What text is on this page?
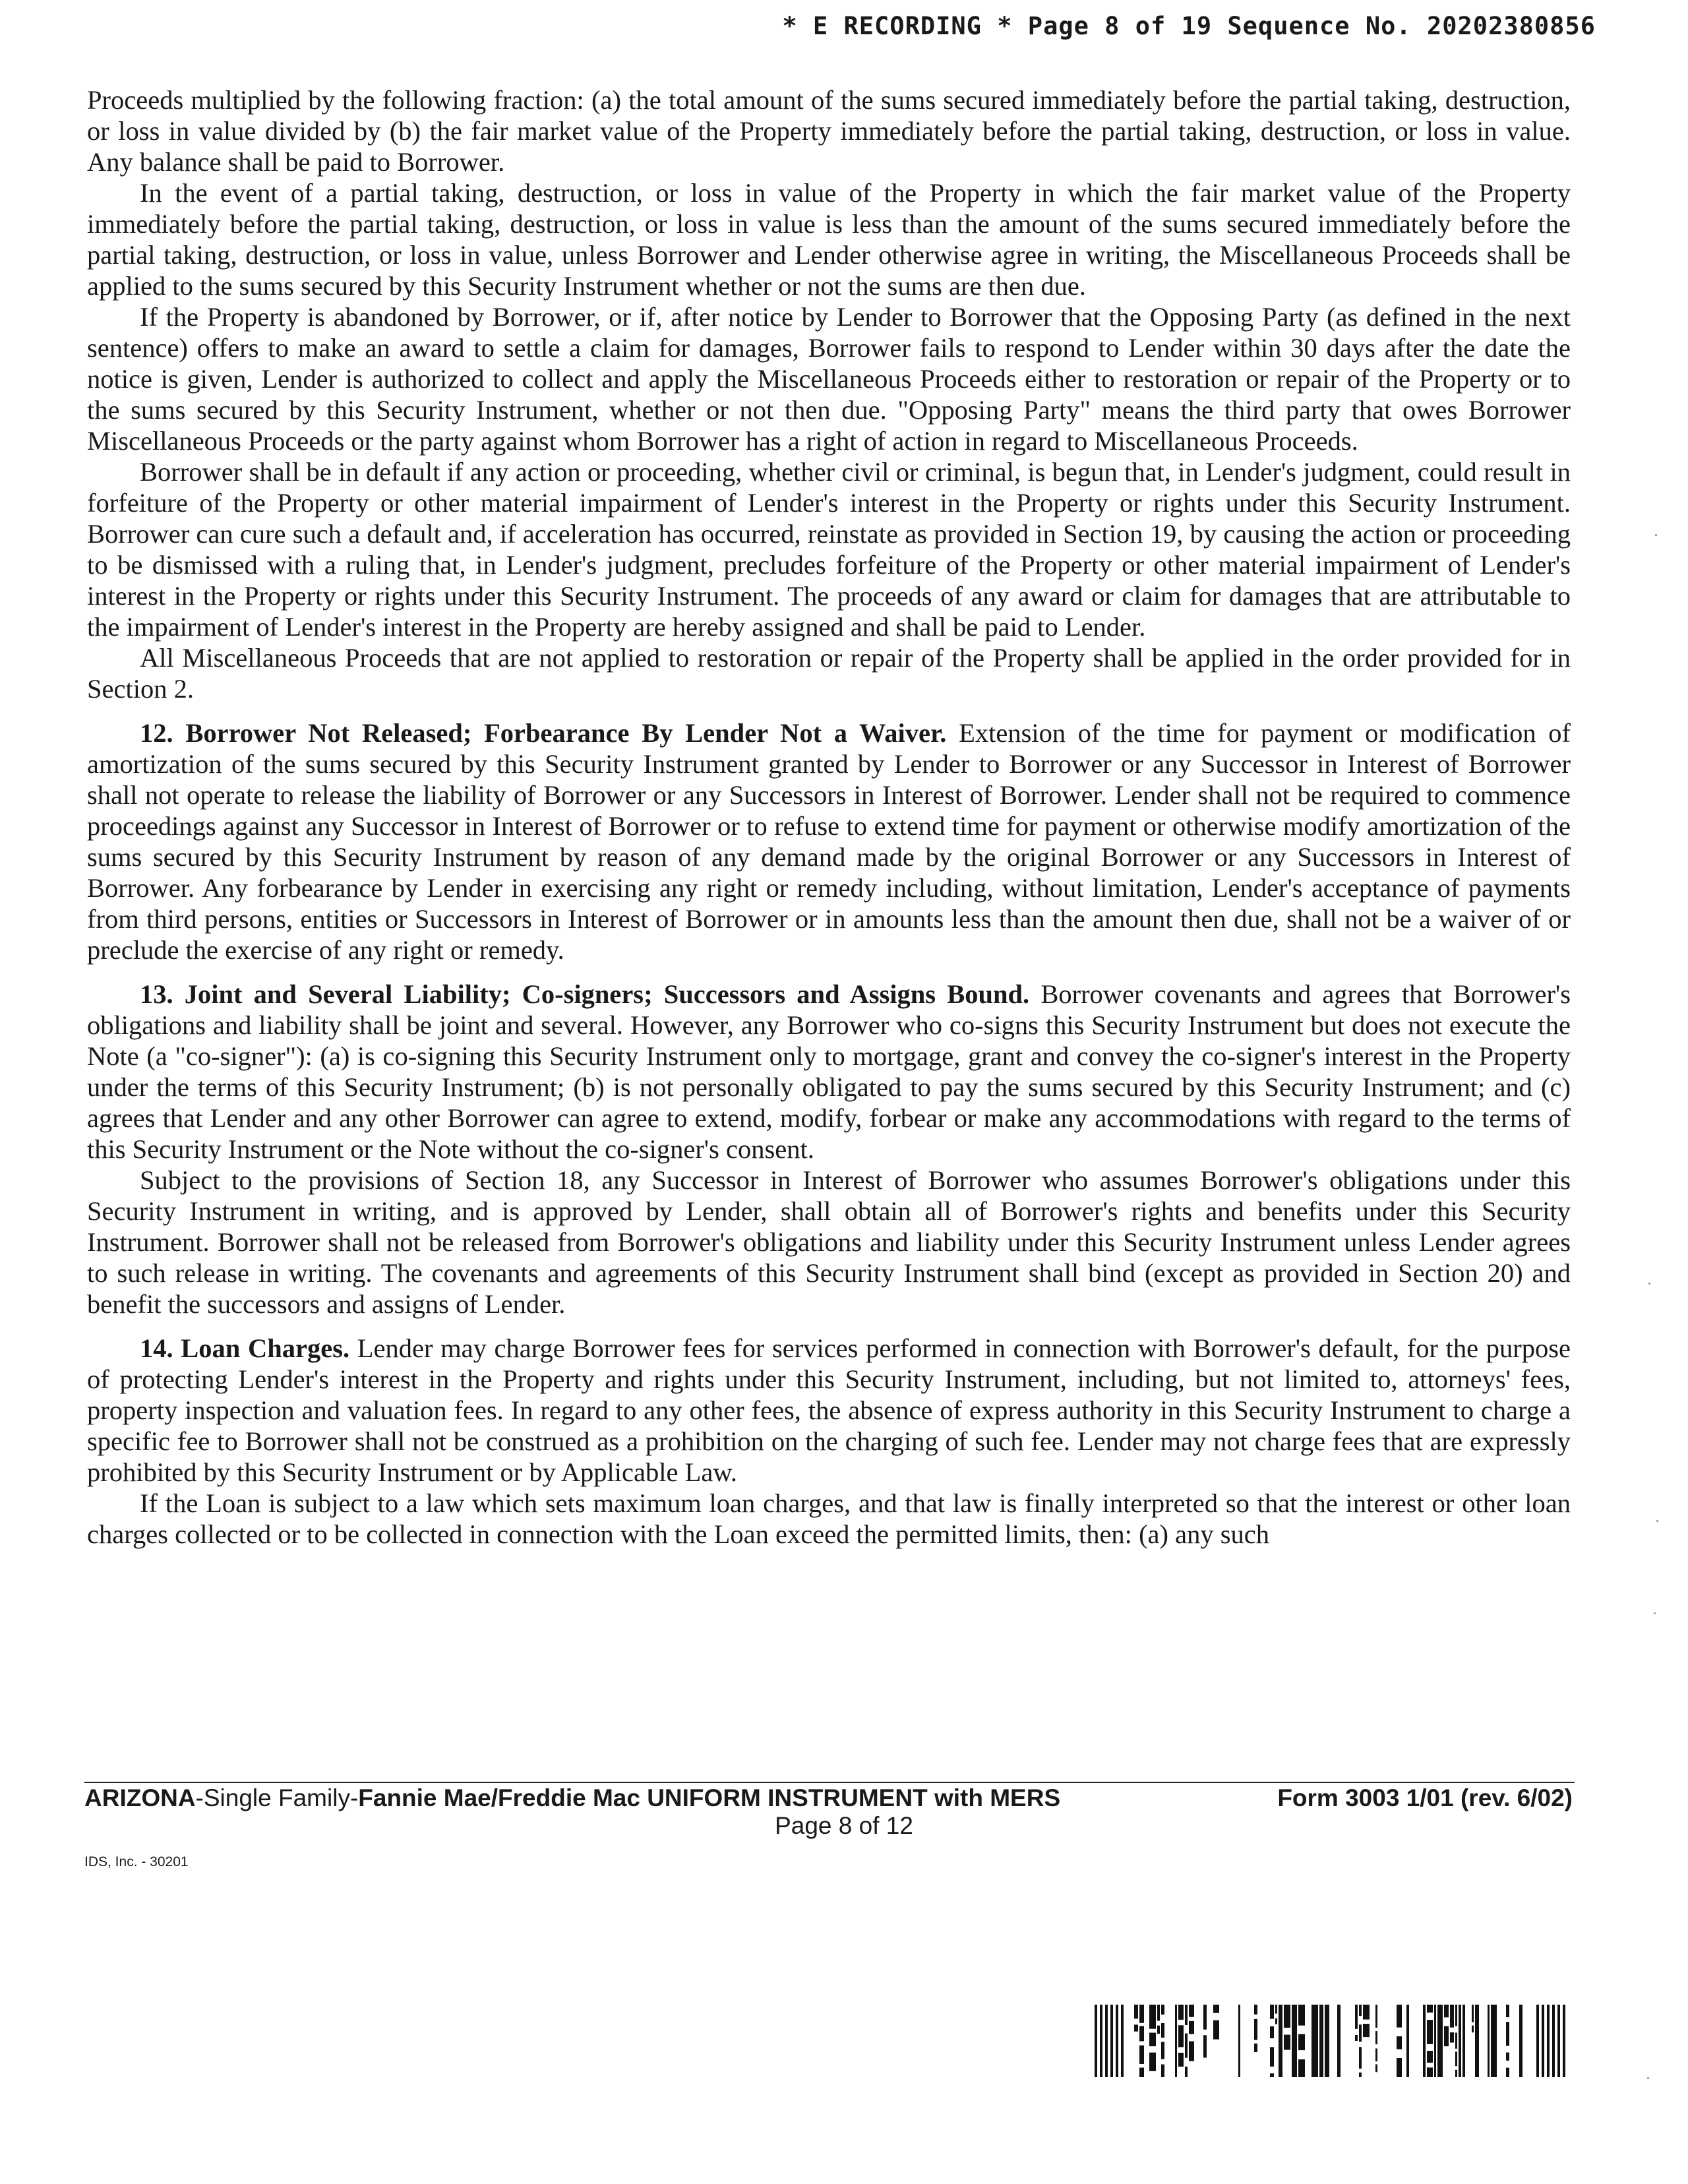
* E RECORDING * Page 8 of 19 Sequence No. 20202380856

Proceeds multiplied by the following fraction: (a) the total amount of the sums secured immediately before the partial taking, destruction, or loss in value divided by (b) the fair market value of the Property immediately before the partial taking, destruction, or loss in value. Any balance shall be paid to Borrower.

In the event of a partial taking, destruction, or loss in value of the Property in which the fair market value of the Property immediately before the partial taking, destruction, or loss in value is less than the amount of the sums secured immediately before the partial taking, destruction, or loss in value, unless Borrower and Lender otherwise agree in writing, the Miscellaneous Proceeds shall be applied to the sums secured by this Security Instrument whether or not the sums are then due.

If the Property is abandoned by Borrower, or if, after notice by Lender to Borrower that the Opposing Party (as defined in the next sentence) offers to make an award to settle a claim for damages, Borrower fails to respond to Lender within 30 days after the date the notice is given, Lender is authorized to collect and apply the Miscellaneous Proceeds either to restoration or repair of the Property or to the sums secured by this Security Instrument, whether or not then due. "Opposing Party" means the third party that owes Borrower Miscellaneous Proceeds or the party against whom Borrower has a right of action in regard to Miscellaneous Proceeds.

Borrower shall be in default if any action or proceeding, whether civil or criminal, is begun that, in Lender's judgment, could result in forfeiture of the Property or other material impairment of Lender's interest in the Property or rights under this Security Instrument. Borrower can cure such a default and, if acceleration has occurred, reinstate as provided in Section 19, by causing the action or proceeding to be dismissed with a ruling that, in Lender's judgment, precludes forfeiture of the Property or other material impairment of Lender's interest in the Property or rights under this Security Instrument. The proceeds of any award or claim for damages that are attributable to the impairment of Lender's interest in the Property are hereby assigned and shall be paid to Lender.

All Miscellaneous Proceeds that are not applied to restoration or repair of the Property shall be applied in the order provided for in Section 2.

12. Borrower Not Released; Forbearance By Lender Not a Waiver. Extension of the time for payment or modification of amortization of the sums secured by this Security Instrument granted by Lender to Borrower or any Successor in Interest of Borrower shall not operate to release the liability of Borrower or any Successors in Interest of Borrower. Lender shall not be required to commence proceedings against any Successor in Interest of Borrower or to refuse to extend time for payment or otherwise modify amortization of the sums secured by this Security Instrument by reason of any demand made by the original Borrower or any Successors in Interest of Borrower. Any forbearance by Lender in exercising any right or remedy including, without limitation, Lender's acceptance of payments from third persons, entities or Successors in Interest of Borrower or in amounts less than the amount then due, shall not be a waiver of or preclude the exercise of any right or remedy.

13. Joint and Several Liability; Co-signers; Successors and Assigns Bound. Borrower covenants and agrees that Borrower's obligations and liability shall be joint and several. However, any Borrower who co-signs this Security Instrument but does not execute the Note (a "co-signer"): (a) is co-signing this Security Instrument only to mortgage, grant and convey the co-signer's interest in the Property under the terms of this Security Instrument; (b) is not personally obligated to pay the sums secured by this Security Instrument; and (c) agrees that Lender and any other Borrower can agree to extend, modify, forbear or make any accommodations with regard to the terms of this Security Instrument or the Note without the co-signer's consent.

Subject to the provisions of Section 18, any Successor in Interest of Borrower who assumes Borrower's obligations under this Security Instrument in writing, and is approved by Lender, shall obtain all of Borrower's rights and benefits under this Security Instrument. Borrower shall not be released from Borrower's obligations and liability under this Security Instrument unless Lender agrees to such release in writing. The covenants and agreements of this Security Instrument shall bind (except as provided in Section 20) and benefit the successors and assigns of Lender.

14. Loan Charges. Lender may charge Borrower fees for services performed in connection with Borrower's default, for the purpose of protecting Lender's interest in the Property and rights under this Security Instrument, including, but not limited to, attorneys' fees, property inspection and valuation fees. In regard to any other fees, the absence of express authority in this Security Instrument to charge a specific fee to Borrower shall not be construed as a prohibition on the charging of such fee. Lender may not charge fees that are expressly prohibited by this Security Instrument or by Applicable Law.

If the Loan is subject to a law which sets maximum loan charges, and that law is finally interpreted so that the interest or other loan charges collected or to be collected in connection with the Loan exceed the permitted limits, then: (a) any such

ARIZONA-Single Family-Fannie Mae/Freddie Mac UNIFORM INSTRUMENT with MERS	Form 3003 1/01 (rev. 6/02)
Page 8 of 12
IDS, Inc. - 30201
